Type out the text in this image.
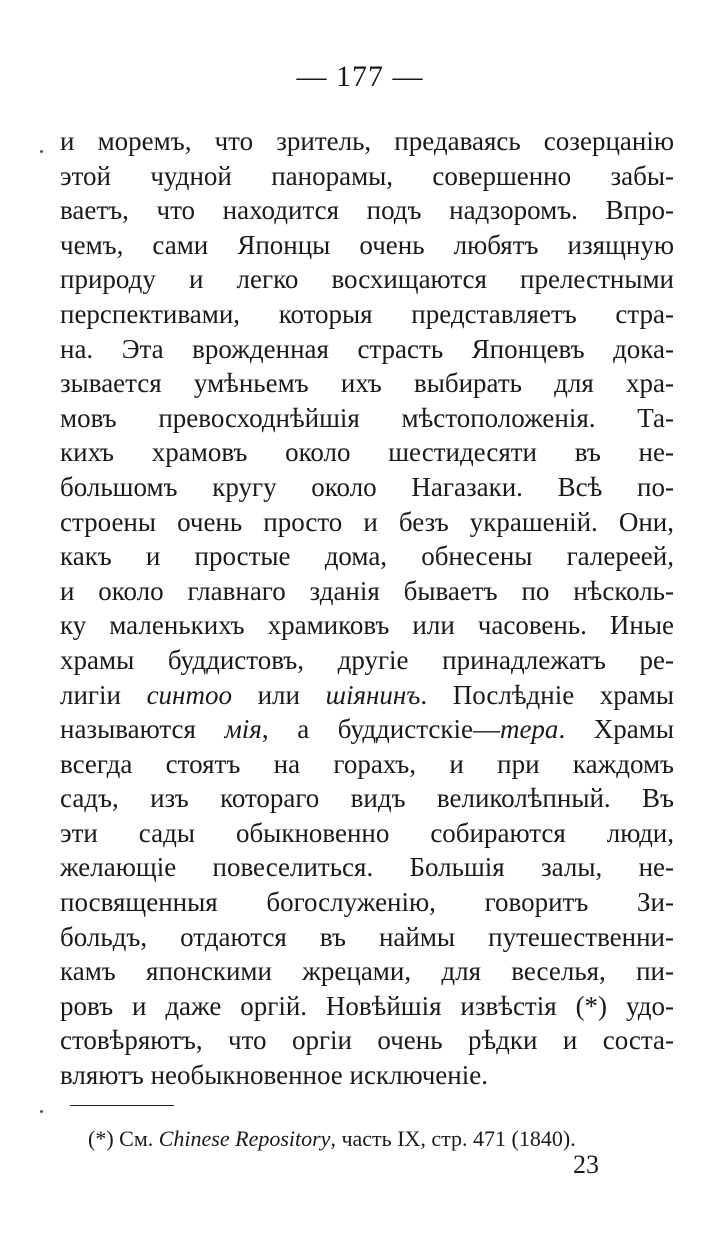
— 177 —
и моремъ, что зритель, предаваясь созерцанію
этой чудной панорамы, совершенно забы-
ваетъ, что находится подъ надзоромъ. Впро-
чемъ, сами Японцы очень любятъ изящную
природу и легко восхищаются прелестными
перспективами, которыя представляетъ стра-
на. Эта врожденная страсть Японцевъ дока-
зывается умѣньемъ ихъ выбирать для хра-
мовъ превосходнѣйшія мѣстоположенія. Та-
кихъ храмовъ около шестидесяти въ не-
большомъ кругу около Нагазаки. Всѣ по-
строены очень просто и безъ украшеній. Они,
какъ и простые дома, обнесены галереей,
и около главнаго зданія бываетъ по нѣсколь-
ку маленькихъ храмиковъ или часовень. Иные
храмы буддистовъ, другіе принадлежатъ ре-
лигіи синтоо или шіянинъ. Послѣдніе храмы
называются мія, а буддистскіе—тера. Храмы
всегда стоятъ на горахъ, и при каждомъ
садъ, изъ котораго видъ великолѣпный. Въ
эти сады обыкновенно собираются люди,
желающіе повеселиться. Большія залы, не-
посвященныя богослуженію, говоритъ Зи-
больдъ, отдаются въ наймы путешественни-
камъ японскими жрецами, для веселья, пи-
ровъ и даже оргій. Новѣйшія извѣстія (*) удо-
стовѣряютъ, что оргіи очень рѣдки и соста-
вляютъ необыкновенное исключеніе.
(*) См. Chinese Repository, часть IX, стр. 471 (1840).
23
